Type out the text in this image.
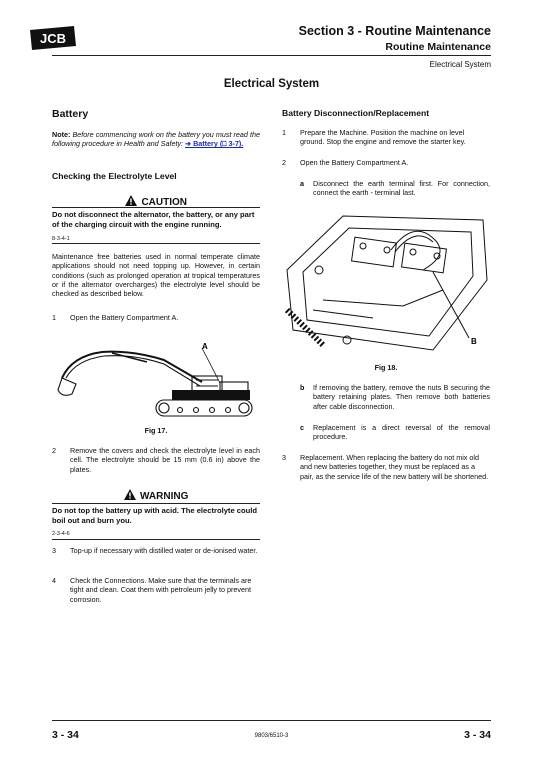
JCB	Section 3 - Routine Maintenance
Routine Maintenance
Electrical System
Electrical System
Battery
Note: Before commencing work on the battery you must read the following procedure in Health and Safety: ➔ Battery (⎕ 3-7).
Checking the Electrolyte Level
CAUTION
Do not disconnect the alternator, the battery, or any part of the charging circuit with the engine running.
8-3-4-1
Maintenance free batteries used in normal temperate climate applications should not need topping up. However, in certain conditions (such as prolonged operation at tropical temperatures or if the alternator overcharges) the electrolyte level should be checked as described below.
1 Open the Battery Compartment A.
A
Fig 17.
2 Remove the covers and check the electrolyte level in each cell. The electrolyte should be 15 mm (0.6 in) above the plates.
WARNING
Do not top the battery up with acid. The electrolyte could boil out and burn you.
2-3-4-6
3 Top-up if necessary with distilled water or de-ionised water.
4 Check the Connections. Make sure that the terminals are tight and clean. Coat them with petroleum jelly to prevent corrosion.
Battery Disconnection/Replacement
1 Prepare the Machine. Position the machine on level ground. Stop the engine and remove the starter key.
2 Open the Battery Compartment A.
a Disconnect the earth terminal first. For connection, connect the earth - terminal last.
B
Fig 18.
b If removing the battery, remove the nuts B securing the battery retaining plates. Then remove both batteries after cable disconnection.
c Replacement is a direct reversal of the removal procedure.
3 Replacement. When replacing the battery do not mix old and new batteries together, they must be replaced as a pair, as the service life of the new battery will be shortened.
3 - 34	9803/6510-3	3 - 34
